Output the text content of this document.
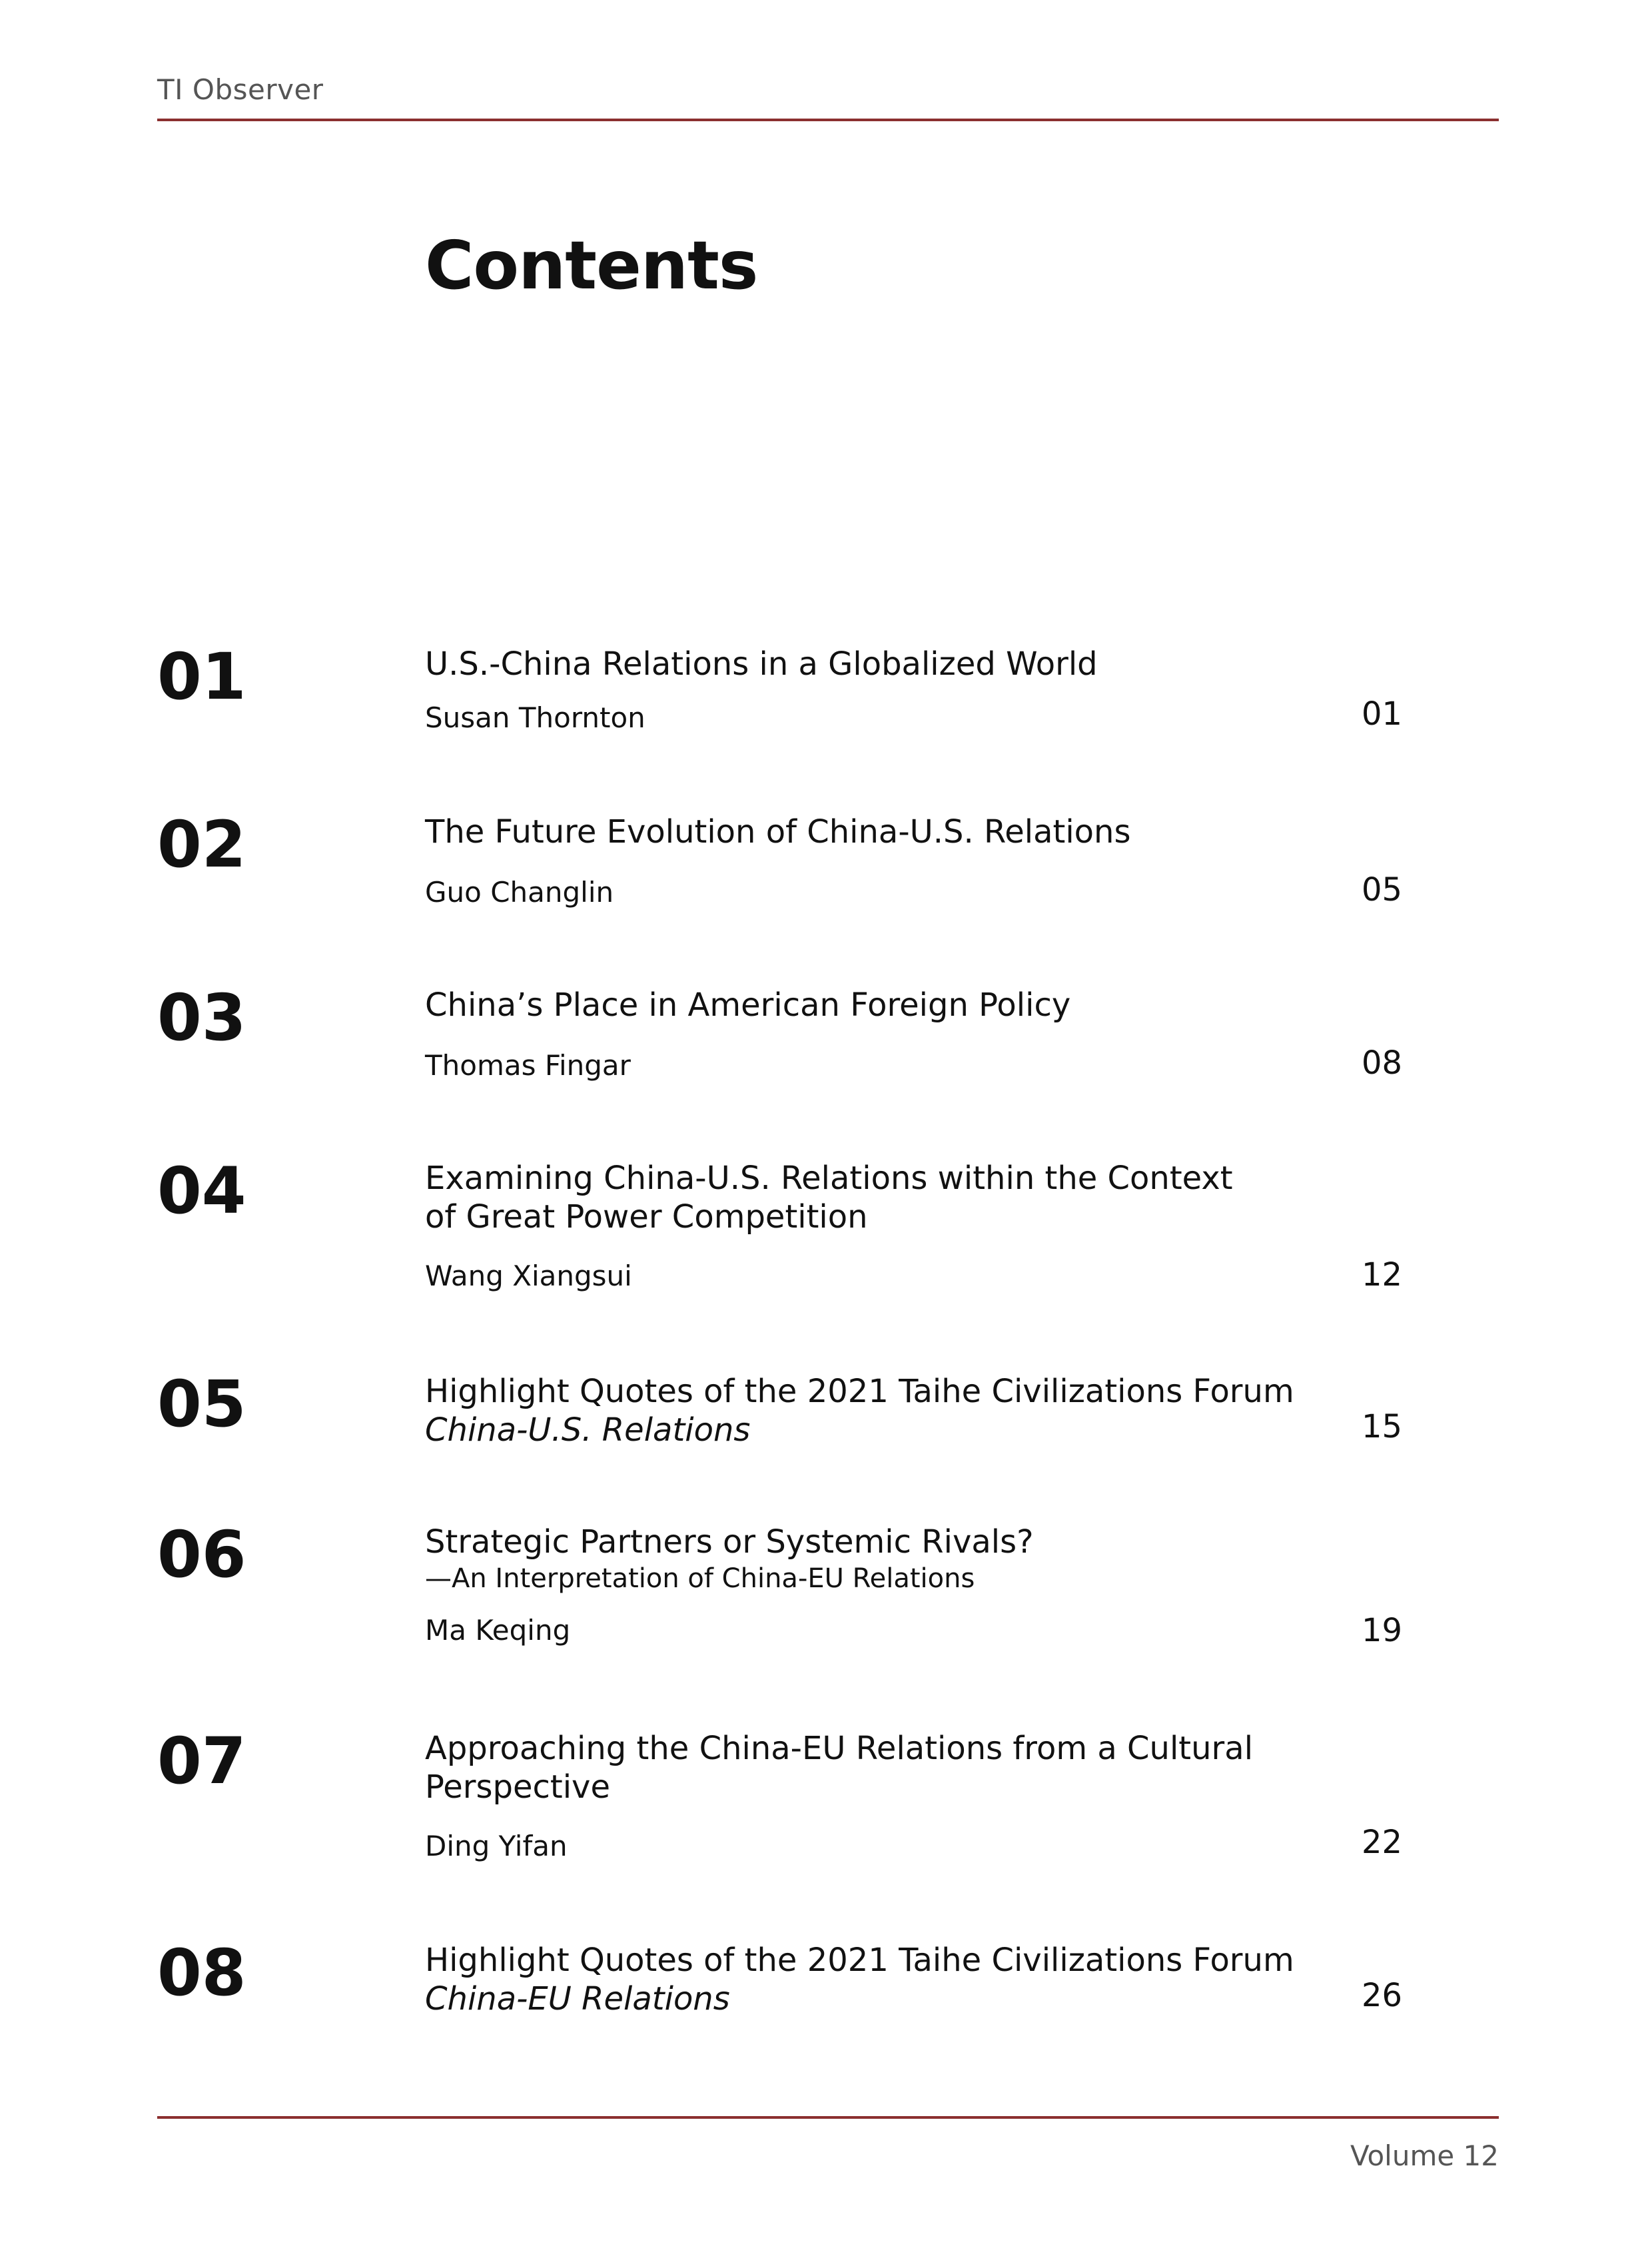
TI Observer
Contents
01	U.S.-China Relations in a Globalized World
Susan Thornton	01
02	The Future Evolution of China-U.S. Relations
Guo Changlin	05
03	China’s Place in American Foreign Policy
Thomas Fingar	08
04	Examining China-U.S. Relations within the Context
of Great Power Competition
Wang Xiangsui	12
05	Highlight Quotes of the 2021 Taihe Civilizations Forum
China-U.S. Relations	15
06	Strategic Partners or Systemic Rivals?
—An Interpretation of China-EU Relations
Ma Keqing	19
07	Approaching the China-EU Relations from a Cultural
Perspective
Ding Yifan	22
08	Highlight Quotes of the 2021 Taihe Civilizations Forum
China-EU Relations	26
Volume 12
